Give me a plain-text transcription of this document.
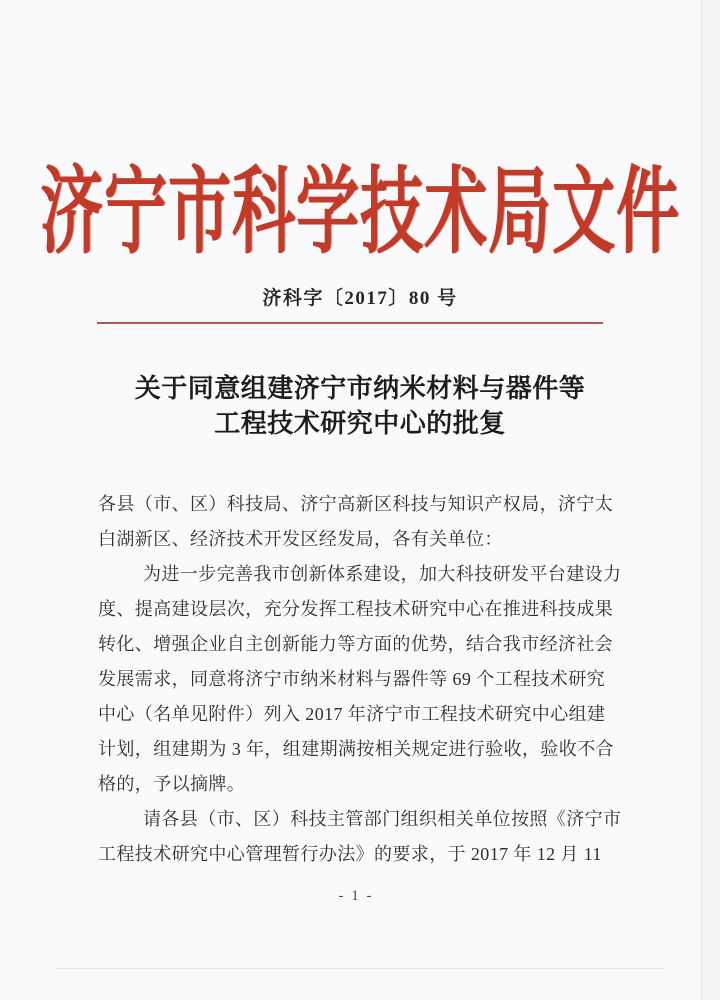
济宁市科学技术局文件
济科字〔2017〕80 号
关于同意组建济宁市纳米材料与器件等
工程技术研究中心的批复
各县（市、区）科技局、济宁高新区科技与知识产权局，济宁太
白湖新区、经济技术开发区经发局，各有关单位：
为进一步完善我市创新体系建设，加大科技研发平台建设力
度、提高建设层次，充分发挥工程技术研究中心在推进科技成果
转化、增强企业自主创新能力等方面的优势，结合我市经济社会
发展需求，同意将济宁市纳米材料与器件等 69 个工程技术研究
中心（名单见附件）列入 2017 年济宁市工程技术研究中心组建
计划，组建期为 3 年，组建期满按相关规定进行验收，验收不合
格的，予以摘牌。
请各县（市、区）科技主管部门组织相关单位按照《济宁市
工程技术研究中心管理暂行办法》的要求，于 2017 年 12 月 11
- 1 -
